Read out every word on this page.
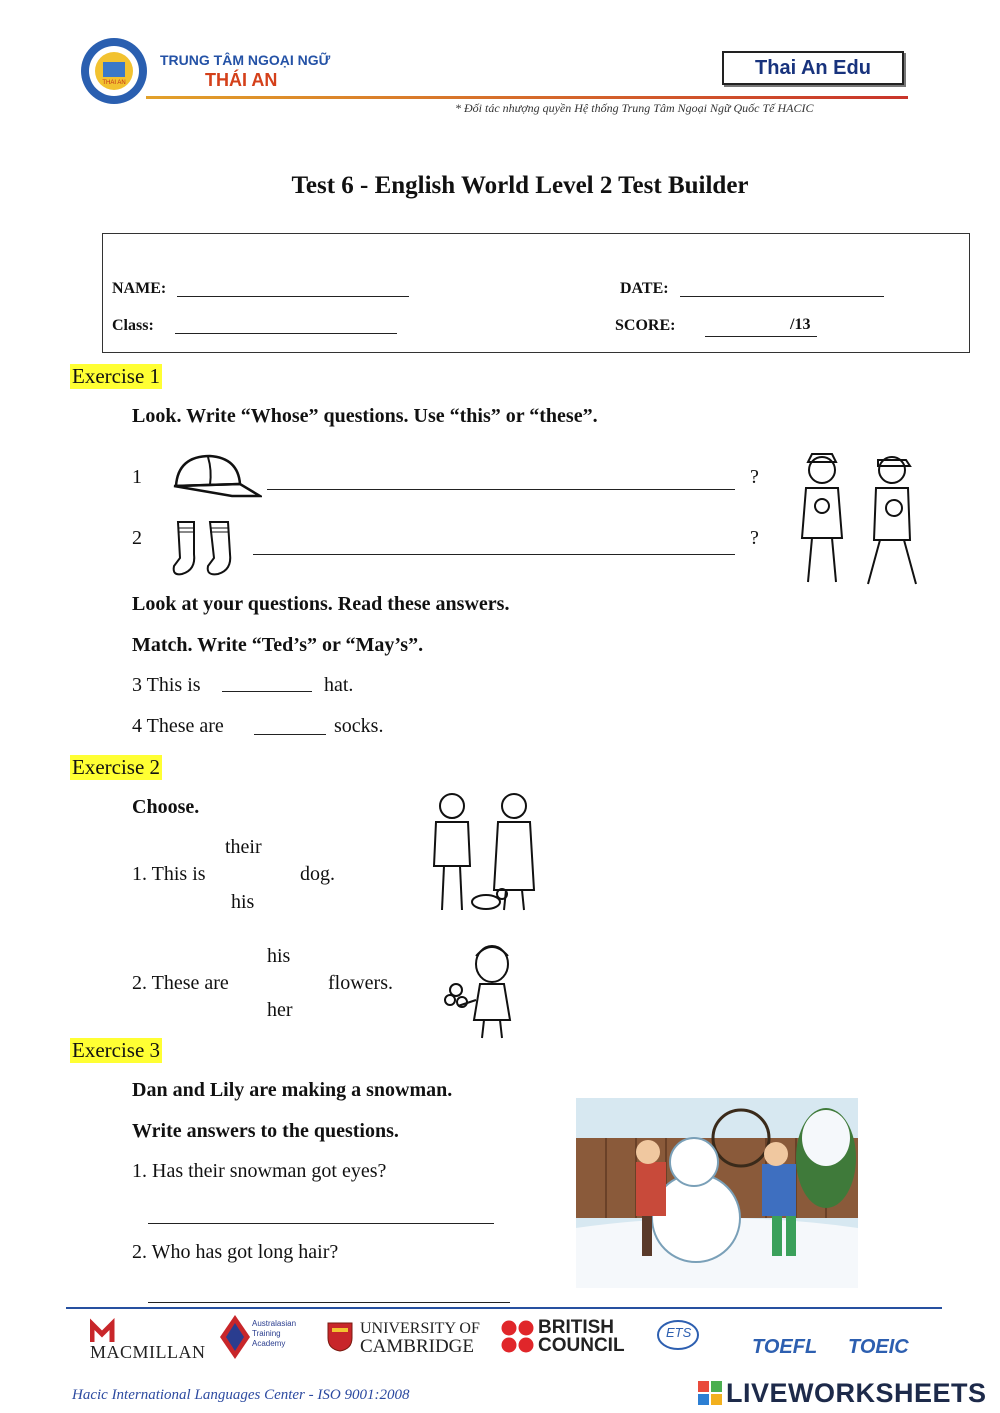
THAI AN
TRUNG TÂM NGOẠI NGỮ
THÁI AN
Thai An Edu
* Đối tác nhượng quyền Hệ thống Trung Tâm Ngoại Ngữ Quốc Tế HACIC
Test 6 - English World Level 2 Test Builder
NAME:	DATE:
Class:	SCORE:	/13
Exercise 1
Look. Write “Whose” questions. Use “this” or “these”.
1	?
2	?
Look at your questions. Read these answers.
Match. Write “Ted’s” or “May’s”.
3 This is	hat.
4 These are	socks.
Exercise 2
Choose.
their
1. This is	dog.
his
his
2. These are	flowers.
her
Exercise 3
Dan and Lily are making a snowman.
Write answers to the questions.
1. Has their snowman got eyes?
2. Who has got long hair?
MACMILLAN
Australasian Training Academy
UNIVERSITY OF
CAMBRIDGE
BRITISH
COUNCIL
ETS
TOEFL TOEIC
Hacic International Languages Center - ISO 9001:2008	LIVEWORKSHEETS
